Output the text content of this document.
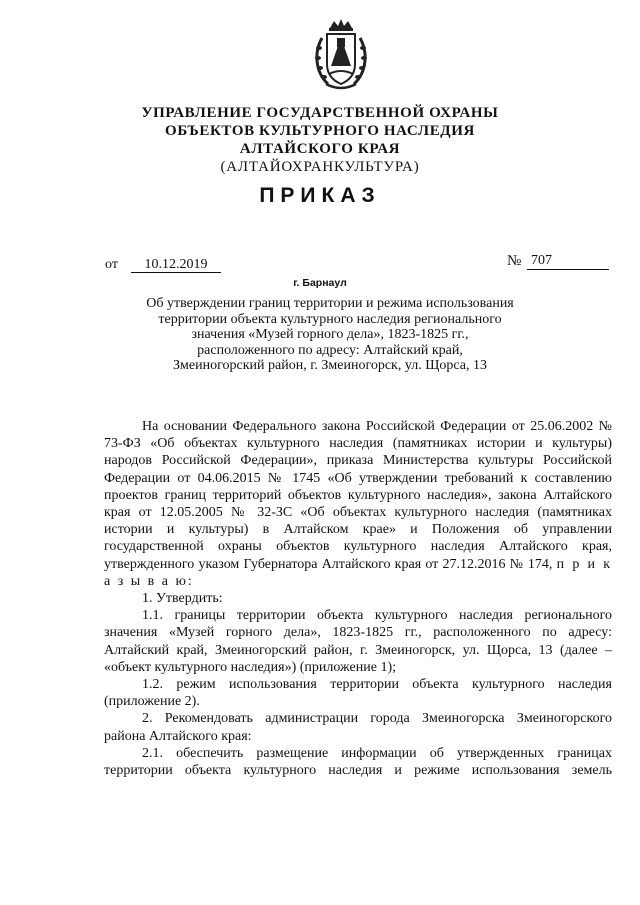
УПРАВЛЕНИЕ ГОСУДАРСТВЕННОЙ ОХРАНЫ
ОБЪЕКТОВ КУЛЬТУРНОГО НАСЛЕДИЯ
АЛТАЙСКОГО КРАЯ
(АЛТАЙОХРАНКУЛЬТУРА)
ПРИКАЗ
от	10.12.2019	№ 707
г. Барнаул
Об утверждении границ территории и режима использования
территории объекта культурного наследия регионального
значения «Музей горного дела», 1823-1825 гг.,
расположенного по адресу: Алтайский край,
Змеиногорский район, г. Змеиногорск, ул. Щорса, 13

На основании Федерального закона Российской Федерации от 25.06.2002 № 73-ФЗ «Об объектах культурного наследия (памятниках истории и культуры) народов Российской Федерации», приказа Министерства культуры Российской Федерации от 04.06.2015 № 1745 «Об утверждении требований к составлению проектов границ территорий объектов культурного наследия», закона Алтайского края от 12.05.2005 № 32-ЗС «Об объектах культурного наследия (памятниках истории и культуры) в Алтайском крае» и Положения об управлении государственной охраны объектов культурного наследия Алтайского края, утвержденного указом Губернатора Алтайского края от 27.12.2016 № 174, п р и к а з ы в а ю:

1. Утвердить:

1.1. границы территории объекта культурного наследия регионального значения «Музей горного дела», 1823-1825 гг., расположенного по адресу: Алтайский край, Змеиногорский район, г. Змеиногорск, ул. Щорса, 13 (далее – «объект культурного наследия») (приложение 1);

1.2. режим использования территории объекта культурного наследия (приложение 2).

2. Рекомендовать администрации города Змеиногорска Змеиногорского района Алтайского края:

2.1. обеспечить размещение информации об утвержденных границах территории объекта культурного наследия и режиме использования земель
